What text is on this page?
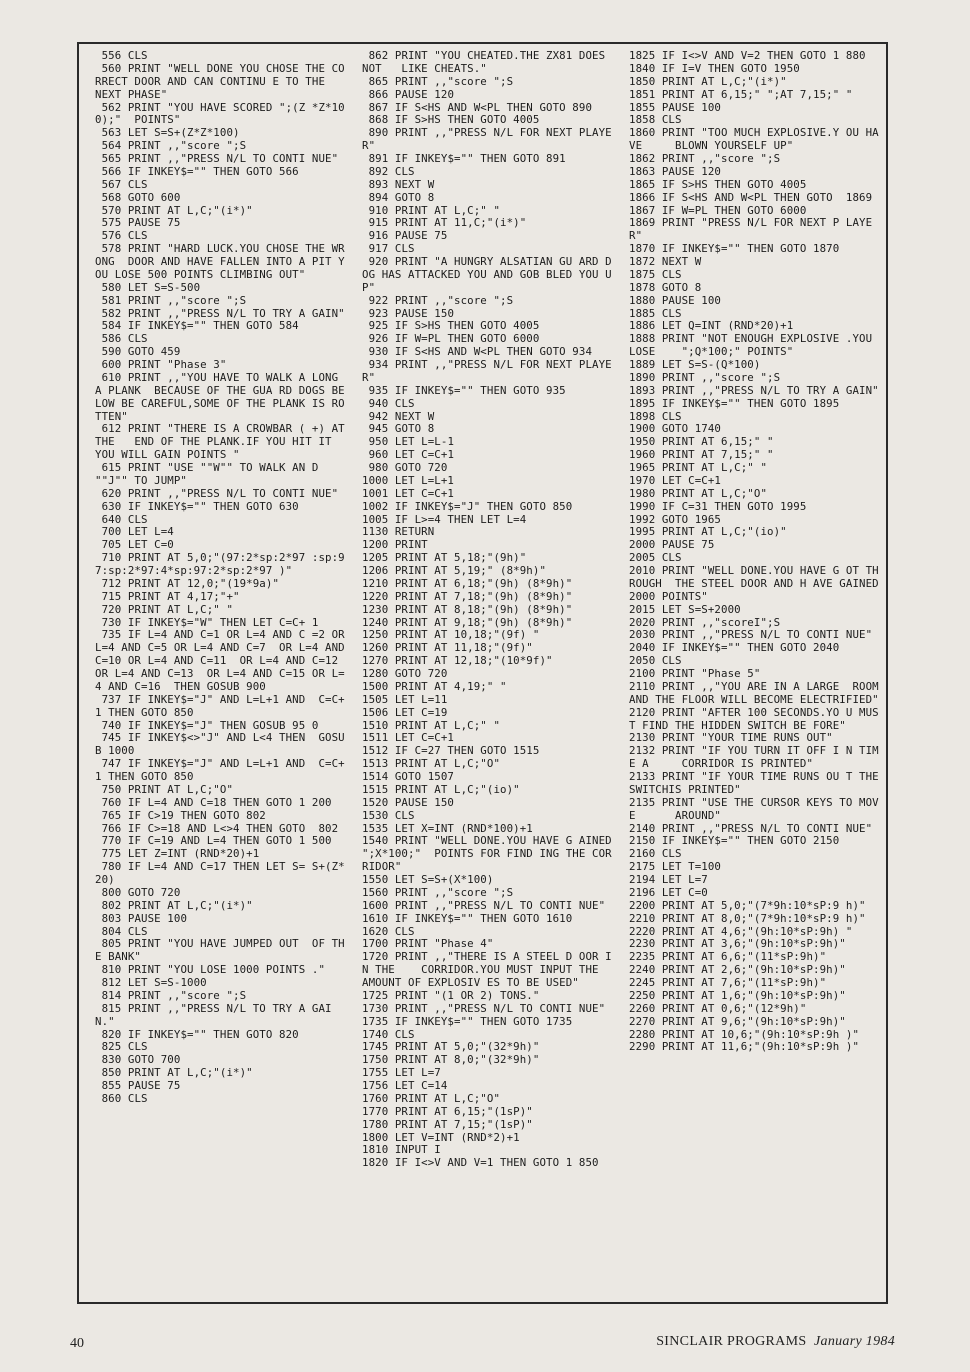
556 CLS
560 PRINT "WELL DONE YOU CHOSE THE CORRECT DOOR AND CAN CONTINU E TO THE   NEXT PHASE"
562 PRINT "YOU HAVE SCORED ";(Z *Z*100);"  POINTS"
563 LET S=S+(Z*Z*100)
564 PRINT ,,"score ";S
565 PRINT ,,"PRESS N/L TO CONTI NUE"
566 IF INKEY$="" THEN GOTO 566
567 CLS
568 GOTO 600
570 PRINT AT L,C;"(i*)"
575 PAUSE 75
576 CLS
578 PRINT "HARD LUCK.YOU CHOSE THE WRONG  DOOR AND HAVE FALLEN INTO A PIT YOU LOSE 500 POINTS CLIMBING OUT"
580 LET S=S-500
581 PRINT ,,"score ";S
582 PRINT ,,"PRESS N/L TO TRY A GAIN"
584 IF INKEY$="" THEN GOTO 584
586 CLS
590 GOTO 459
600 PRINT "Phase 3"
610 PRINT ,,"YOU HAVE TO WALK A LONG A PLANK  BECAUSE OF THE GUA RD DOGS BELOW BE CAREFUL,SOME OF THE PLANK IS ROTTEN"
612 PRINT "THERE IS A CROWBAR ( +) AT THE   END OF THE PLANK.IF YOU HIT IT  YOU WILL GAIN POINTS "
615 PRINT "USE ""W"" TO WALK AN D ""J"" TO JUMP"
620 PRINT ,,"PRESS N/L TO CONTI NUE"
630 IF INKEY$="" THEN GOTO 630
640 CLS
700 LET L=4
705 LET C=0
710 PRINT AT 5,0;"(97:2*sp:2*97 :sp:97:sp:2*97:4*sp:97:2*sp:2*97 )"
712 PRINT AT 12,0;"(19*9a)"
715 PRINT AT 4,17;"+"
720 PRINT AT L,C;" "
730 IF INKEY$="W" THEN LET C=C+ 1
735 IF L=4 AND C=1 OR L=4 AND C =2 OR L=4 AND C=5 OR L=4 AND C=7  OR L=4 AND C=10 OR L=4 AND C=11  OR L=4 AND C=12 OR L=4 AND C=13  OR L=4 AND C=15 OR L=4 AND C=16  THEN GOSUB 900
737 IF INKEY$="J" AND L=L+1 AND  C=C+1 THEN GOTO 850
740 IF INKEY$="J" THEN GOSUB 95 0
745 IF INKEY$<>"J" AND L<4 THEN  GOSUB 1000
747 IF INKEY$="J" AND L=L+1 AND  C=C+1 THEN GOTO 850
750 PRINT AT L,C;"O"
760 IF L=4 AND C=18 THEN GOTO 1 200
765 IF C>19 THEN GOTO 802
766 IF C>=18 AND L<>4 THEN GOTO  802
770 IF C=19 AND L=4 THEN GOTO 1 500
775 LET Z=INT (RND*20)+1
780 IF L=4 AND C=17 THEN LET S= S+(Z*20)
800 GOTO 720
802 PRINT AT L,C;"(i*)"
803 PAUSE 100
804 CLS
805 PRINT "YOU HAVE JUMPED OUT  OF THE BANK"
810 PRINT "YOU LOSE 1000 POINTS ."
812 LET S=S-1000
814 PRINT ,,"score ";S
815 PRINT ,,"PRESS N/L TO TRY A GAIN."
820 IF INKEY$="" THEN GOTO 820
825 CLS
830 GOTO 700
850 PRINT AT L,C;"(i*)"
855 PAUSE 75
860 CLS
862 PRINT "YOU CHEATED.THE ZX81 DOES NOT   LIKE CHEATS."
865 PRINT ,,"score ";S
866 PAUSE 120
867 IF S<HS AND W<PL THEN GOTO 890
868 IF S>HS THEN GOTO 4005
890 PRINT ,,"PRESS N/L FOR NEXT PLAYER"
891 IF INKEY$="" THEN GOTO 891
892 CLS
893 NEXT W
894 GOTO 8
910 PRINT AT L,C;" "
915 PRINT AT 11,C;"(i*)"
916 PAUSE 75
917 CLS
920 PRINT "A HUNGRY ALSATIAN GU ARD DOG HAS ATTACKED YOU AND GOB BLED YOU UP"
922 PRINT ,,"score ";S
923 PAUSE 150
925 IF S>HS THEN GOTO 4005
926 IF W=PL THEN GOTO 6000
930 IF S<HS AND W<PL THEN GOTO 934
934 PRINT ,,"PRESS N/L FOR NEXT PLAYER"
935 IF INKEY$="" THEN GOTO 935
940 CLS
942 NEXT W
945 GOTO 8
950 LET L=L-1
960 LET C=C+1
980 GOTO 720
1000 LET L=L+1
1001 LET C=C+1
1002 IF INKEY$="J" THEN GOTO 850
1005 IF L>=4 THEN LET L=4
1130 RETURN
1200 PRINT
1205 PRINT AT 5,18;"(9h)"
1206 PRINT AT 5,19;" (8*9h)"
1210 PRINT AT 6,18;"(9h) (8*9h)"
1220 PRINT AT 7,18;"(9h) (8*9h)"
1230 PRINT AT 8,18;"(9h) (8*9h)"
1240 PRINT AT 9,18;"(9h) (8*9h)"
1250 PRINT AT 10,18;"(9f) "
1260 PRINT AT 11,18;"(9f)"
1270 PRINT AT 12,18;"(10*9f)"
1280 GOTO 720
1500 PRINT AT 4,19;" "
1505 LET L=11
1506 LET C=19
1510 PRINT AT L,C;" "
1511 LET C=C+1
1512 IF C=27 THEN GOTO 1515
1513 PRINT AT L,C;"O"
1514 GOTO 1507
1515 PRINT AT L,C;"(io)"
1520 PAUSE 150
1530 CLS
1535 LET X=INT (RND*100)+1
1540 PRINT "WELL DONE.YOU HAVE G AINED ";X*100;"  POINTS FOR FIND ING THE CORRIDOR"
1550 LET S=S+(X*100)
1560 PRINT ,,"score ";S
1600 PRINT ,,"PRESS N/L TO CONTI NUE"
1610 IF INKEY$="" THEN GOTO 1610
1620 CLS
1700 PRINT "Phase 4"
1720 PRINT ,,"THERE IS A STEEL D OOR IN THE    CORRIDOR.YOU MUST INPUT THE     AMOUNT OF EXPLOSIV ES TO BE USED"
1725 PRINT "(1 OR 2) TONS."
1730 PRINT ,,"PRESS N/L TO CONTI NUE"
1735 IF INKEY$="" THEN GOTO 1735
1740 CLS
1745 PRINT AT 5,0;"(32*9h)"
1750 PRINT AT 8,0;"(32*9h)"
1755 LET L=7
1756 LET C=14
1760 PRINT AT L,C;"O"
1770 PRINT AT 6,15;"(1sP)"
1780 PRINT AT 7,15;"(1sP)"
1800 LET V=INT (RND*2)+1
1810 INPUT I
1820 IF I<>V AND V=1 THEN GOTO 1 850
1825 IF I<>V AND V=2 THEN GOTO 1 880
1840 IF I=V THEN GOTO 1950
1850 PRINT AT L,C;"(i*)"
1851 PRINT AT 6,15;" ";AT 7,15;" "
1855 PAUSE 100
1858 CLS
1860 PRINT "TOO MUCH EXPLOSIVE.Y OU HAVE     BLOWN YOURSELF UP"
1862 PRINT ,,"score ";S
1863 PAUSE 120
1865 IF S>HS THEN GOTO 4005
1866 IF S<HS AND W<PL THEN GOTO  1869
1867 IF W=PL THEN GOTO 6000
1869 PRINT "PRESS N/L FOR NEXT P LAYER"
1870 IF INKEY$="" THEN GOTO 1870
1872 NEXT W
1875 CLS
1878 GOTO 8
1880 PAUSE 100
1885 CLS
1886 LET Q=INT (RND*20)+1
1888 PRINT "NOT ENOUGH EXPLOSIVE .YOU LOSE    ";Q*100;" POINTS"
1889 LET S=S-(Q*100)
1890 PRINT ,,"score ";S
1893 PRINT ,,"PRESS N/L TO TRY A GAIN"
1895 IF INKEY$="" THEN GOTO 1895
1898 CLS
1900 GOTO 1740
1950 PRINT AT 6,15;" "
1960 PRINT AT 7,15;" "
1965 PRINT AT L,C;" "
1970 LET C=C+1
1980 PRINT AT L,C;"O"
1990 IF C=31 THEN GOTO 1995
1992 GOTO 1965
1995 PRINT AT L,C;"(io)"
2000 PAUSE 75
2005 CLS
2010 PRINT "WELL DONE.YOU HAVE G OT THROUGH  THE STEEL DOOR AND H AVE GAINED   2000 POINTS"
2015 LET S=S+2000
2020 PRINT ,,"scoreI";S
2030 PRINT ,,"PRESS N/L TO CONTI NUE"
2040 IF INKEY$="" THEN GOTO 2040
2050 CLS
2100 PRINT "Phase 5"
2110 PRINT ,,"YOU ARE IN A LARGE  ROOM AND THE FLOOR WILL BECOME ELECTRIFIED"
2120 PRINT "AFTER 100 SECONDS.YO U MUST FIND THE HIDDEN SWITCH BE FORE"
2130 PRINT "YOUR TIME RUNS OUT"
2132 PRINT "IF YOU TURN IT OFF I N TIME A     CORRIDOR IS PRINTED"
2133 PRINT "IF YOUR TIME RUNS OU T THE SWITCHIS PRINTED"
2135 PRINT "USE THE CURSOR KEYS TO MOVE      AROUND"
2140 PRINT ,,"PRESS N/L TO CONTI NUE"
2150 IF INKEY$="" THEN GOTO 2150
2160 CLS
2175 LET T=100
2194 LET L=7
2196 LET C=0
2200 PRINT AT 5,0;"(7*9h:10*sP:9 h)"
2210 PRINT AT 8,0;"(7*9h:10*sP:9 h)"
2220 PRINT AT 4,6;"(9h:10*sP:9h) "
2230 PRINT AT 3,6;"(9h:10*sP:9h)"
2235 PRINT AT 6,6;"(11*sP:9h)"
2240 PRINT AT 2,6;"(9h:10*sP:9h)"
2245 PRINT AT 7,6;"(11*sP:9h)"
2250 PRINT AT 1,6;"(9h:10*sP:9h)"
2260 PRINT AT 0,6;"(12*9h)"
2270 PRINT AT 9,6;"(9h:10*sP:9h)"
2280 PRINT AT 10,6;"(9h:10*sP:9h )"
2290 PRINT AT 11,6;"(9h:10*sP:9h )"
40	SINCLAIR PROGRAMS January 1984
